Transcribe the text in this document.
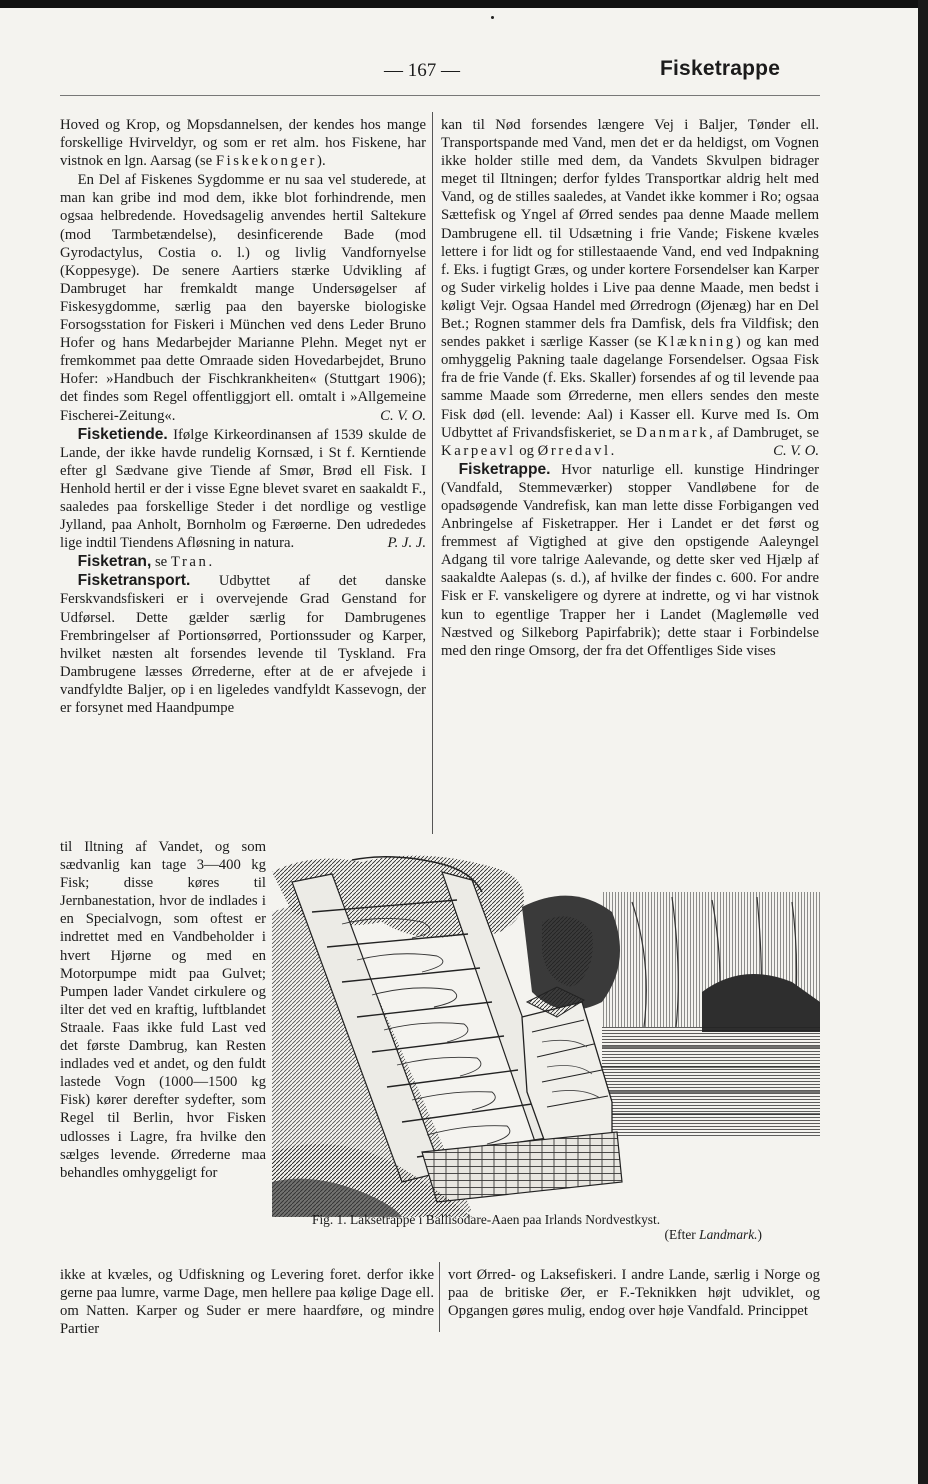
— 167 —	Fisketrappe

Hoved og Krop, og Mopsdannelsen, der kendes hos mange forskellige Hvirveldyr, og som er ret alm. hos Fiskene, har vistnok en lgn. Aarsag (se Fiskekonger).

En Del af Fiskenes Sygdomme er nu saa vel studerede, at man kan gribe ind mod dem, ikke blot forhindrende, men ogsaa helbredende. Hovedsagelig anvendes hertil Saltekure (mod Tarmbetændelse), desinficerende Bade (mod Gyrodactylus, Costia o. l.) og livlig Vandfornyelse (Koppesyge). De senere Aartiers stærke Udvikling af Dambruget har fremkaldt mange Undersøgelser af Fiskesygdomme, særlig paa den bayerske biologiske Forsogsstation for Fiskeri i München ved dens Leder Bruno Hofer og hans Medarbejder Marianne Plehn. Meget nyt er fremkommet paa dette Omraade siden Hovedarbejdet, Bruno Hofer: »Handbuch der Fischkrankheiten« (Stuttgart 1906); det findes som Regel offentliggjort ell. omtalt i »Allgemeine Fischerei-Zeitung«.	C. V. O.

Fisketiende. Ifølge Kirkeordinansen af 1539 skulde de Lande, der ikke havde rundelig Kornsæd, i St f. Kerntiende efter gl Sædvane give Tiende af Smør, Brød ell Fisk. I Henhold hertil er der i visse Egne blevet svaret en saakaldt F., saaledes paa forskellige Steder i det nordlige og vestlige Jylland, paa Anholt, Bornholm og Færøerne. Den udrededes lige indtil Tiendens Afløsning in natura.	P. J. J.

Fisketran, se Tran.

Fisketransport. Udbyttet af det danske Ferskvandsfiskeri er i overvejende Grad Genstand for Udførsel. Dette gælder særlig for Dambrugenes Frembringelser af Portionsørred, Portionssuder og Karper, hvilket næsten alt forsendes levende til Tyskland. Fra Dambrugene læsses Ørrederne, efter at de er afvejede i vandfyldte Baljer, op i en ligeledes vandfyldt Kassevogn, der er forsynet med Haandpumpe

kan til Nød forsendes længere Vej i Baljer, Tønder ell. Transportspande med Vand, men det er da heldigst, om Vognen ikke holder stille med dem, da Vandets Skvulpen bidrager meget til Iltningen; derfor fyldes Transportkar aldrig helt med Vand, og de stilles saaledes, at Vandet ikke kommer i Ro; ogsaa Sættefisk og Yngel af Ørred sendes paa denne Maade mellem Dambrugene ell. til Udsætning i frie Vande; Fiskene kvæles lettere i for lidt og for stillestaaende Vand, end ved Indpakning f. Eks. i fugtigt Græs, og under kortere Forsendelser kan Karper og Suder virkelig holdes i Live paa denne Maade, men bedst i køligt Vejr. Ogsaa Handel med Ørredrogn (Øjenæg) har en Del Bet.; Rognen stammer dels fra Damfisk, dels fra Vildfisk; den sendes pakket i særlige Kasser (se Klækning) og kan med omhyggelig Pakning taale dagelange Forsendelser. Ogsaa Fisk fra de frie Vande (f. Eks. Skaller) forsendes af og til levende paa samme Maade som Ørrederne, men ellers sendes den meste Fisk død (ell. levende: Aal) i Kasser ell. Kurve med Is. Om Udbyttet af Frivandsfiskeriet, se Danmark, af Dambruget, se Karpeavl og Ørredavl.	C. V. O.

Fisketrappe. Hvor naturlige ell. kunstige Hindringer (Vandfald, Stemmeværker) stopper Vandløbene for de opadsøgende Vandrefisk, kan man lette disse Forbigangen ved Anbringelse af Fisketrapper. Her i Landet er det først og fremmest af Vigtighed at give den opstigende Aaleyngel Adgang til vore talrige Aalevande, og dette sker ved Hjælp af saakaldte Aalepas (s. d.), af hvilke der findes c. 600. For andre Fisk er F. vanskeligere og dyrere at indrette, og vi har vistnok kun to egentlige Trapper her i Landet (Maglemølle ved Næstved og Silkeborg Papirfabrik); dette staar i Forbindelse med den ringe Omsorg, der fra det Offentliges Side vises

til Iltning af Vandet, og som sædvanlig kan tage 3—400 kg Fisk; disse køres til Jernbanestation, hvor de indlades i en Specialvogn, som oftest er indrettet med en Vandbeholder i hvert Hjørne og med en Motorpumpe midt paa Gulvet; Pumpen lader Vandet cirkulere og ilter det ved en kraftig, luftblandet Straale. Faas ikke fuld Last ved det første Dambrug, kan Resten indlades ved et andet, og den fuldt lastede Vogn (1000—1500 kg Fisk) kører derefter sydefter, som Regel til Berlin, hvor Fisken udlosses i Lagre, fra hvilke den sælges levende. Ørrederne maa behandles omhyggeligt for

Fig. 1. Laksetrappe i Ballisodare-Aaen paa Irlands Nordvestkyst.
(Efter Landmark.)

ikke at kvæles, og Udfiskning og Levering foret. derfor ikke gerne paa lumre, varme Dage, men hellere paa kølige Dage ell. om Natten. Karper og Suder er mere haardføre, og mindre Partier

vort Ørred- og Laksefiskeri. I andre Lande, særlig i Norge og paa de britiske Øer, er F.-Teknikken højt udviklet, og Opgangen gøres mulig, endog over høje Vandfald. Princippet
